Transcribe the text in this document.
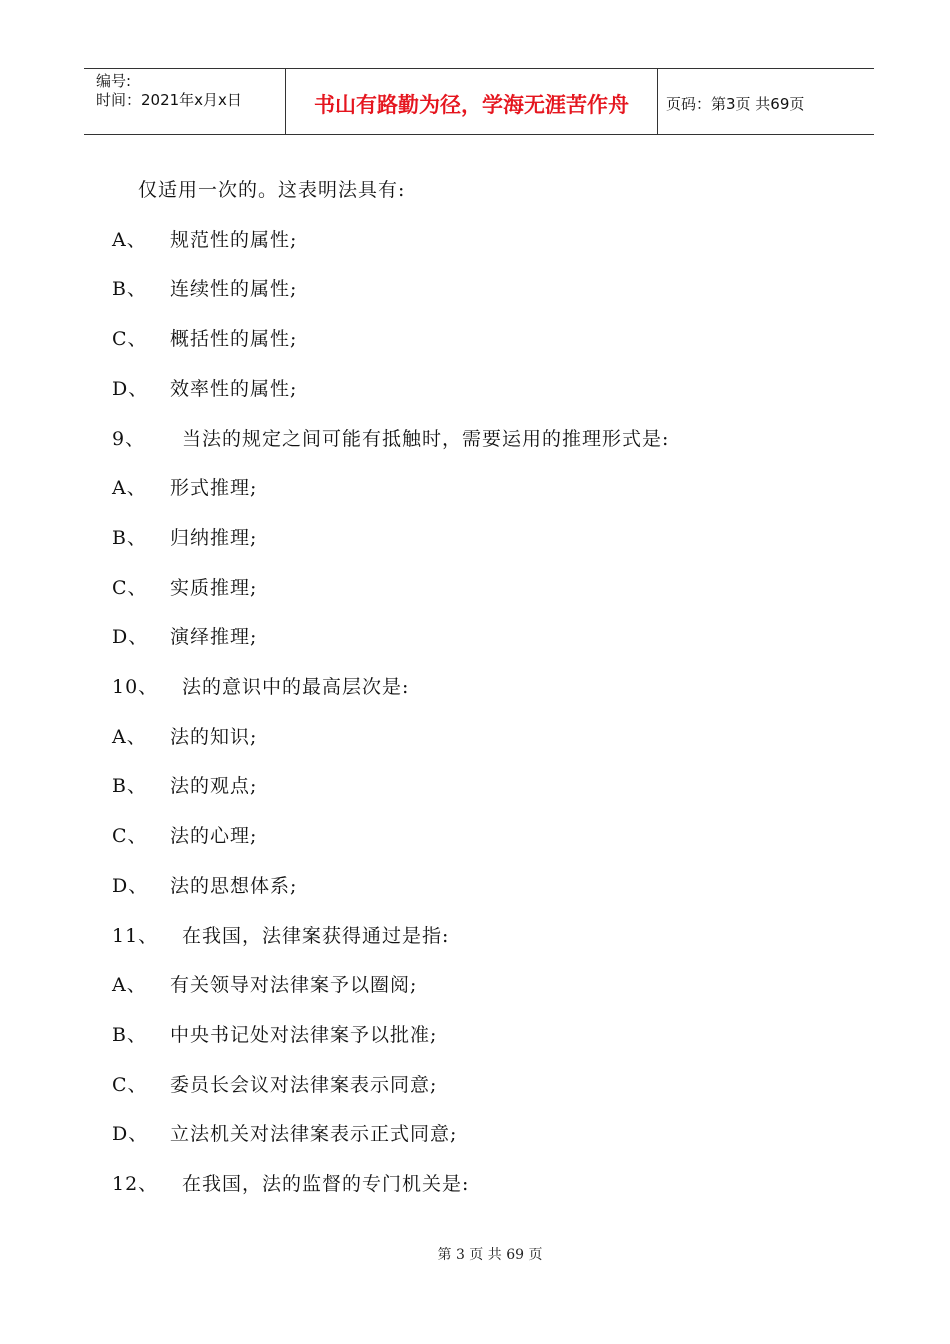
编号:
时间：2021年x月x日	书山有路勤为径，学海无涯苦作舟	页码：第3页 共69页
仅适用一次的。这表明法具有:
A、 规范性的属性;
B、 连续性的属性;
C、 概括性的属性;
D、 效率性的属性;
9、 当法的规定之间可能有抵触时，需要运用的推理形式是:
A、 形式推理;
B、 归纳推理;
C、 实质推理;
D、 演绎推理;
10、 法的意识中的最高层次是:
A、 法的知识;
B、 法的观点;
C、 法的心理;
D、 法的思想体系;
11、 在我国，法律案获得通过是指:
A、 有关领导对法律案予以圈阅;
B、 中央书记处对法律案予以批准;
C、 委员长会议对法律案表示同意;
D、 立法机关对法律案表示正式同意;
12、 在我国，法的监督的专门机关是:
第 3 页 共 69 页
